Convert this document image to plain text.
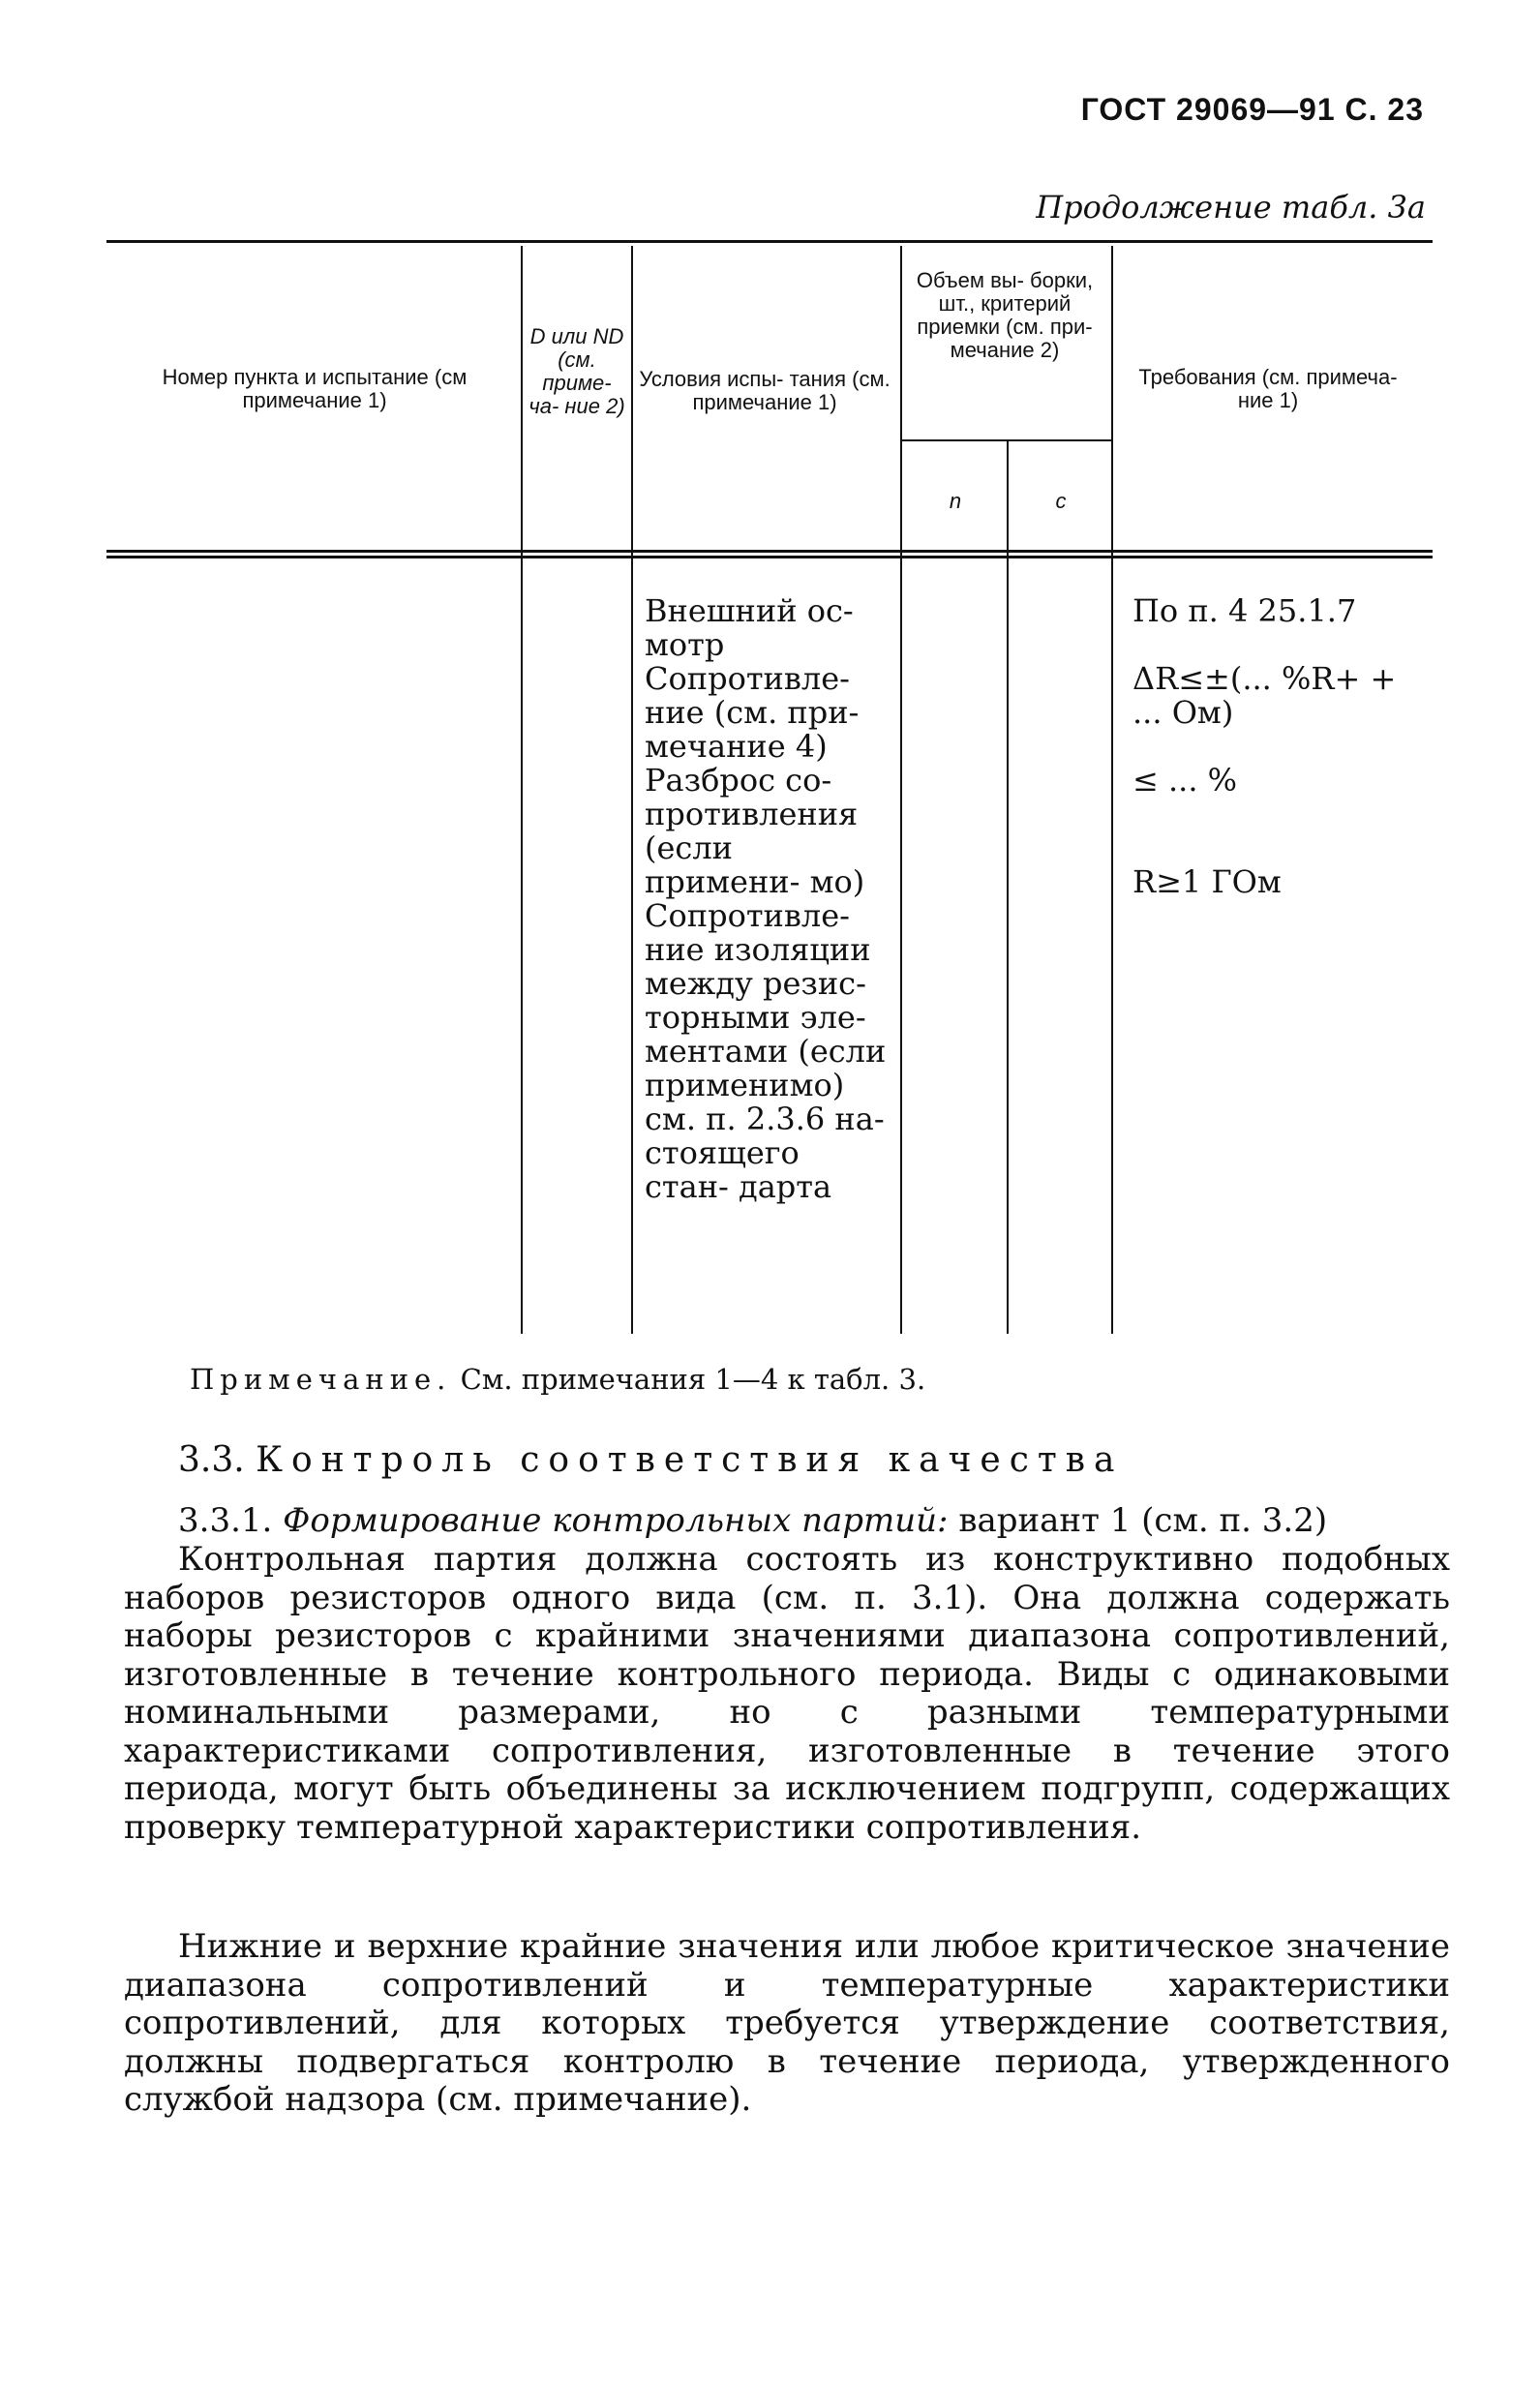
ГОСТ 29069—91 С. 23
Продолжение табл. 3а
Номер пункта и испытание (см примечание 1)
D или ND (см. приме- ча- ние 2)
Условия испы- тания (см. примечание 1)
Объем вы- борки, шт., критерий приемки (см. при- мечание 2)
n	c
Требования (см. примеча- ние 1)
Внешний ос- мотр
Сопротивле- ние (см. при- мечание 4)
Разброс со- противления (если примени- мо)
Сопротивле- ние изоляции между резис- торными эле- ментами (если применимо) см. п. 2.3.6 на- стоящего стан- дарта
По п. 4 25.1.7
ΔR≤±(... %R+ + ... Ом)
≤ ... %
R≥1 ГОм
Примечание. См. примечания 1—4 к табл. 3.
3.3. Контроль соответствия качества
3.3.1. Формирование контрольных партий: вариант 1 (см. п. 3.2)
Контрольная партия должна состоять из конструктивно подобных наборов резисторов одного вида (см. п. 3.1). Она должна содержать наборы резисторов с крайними значениями диапазона сопротивлений, изготовленные в течение контрольного периода. Виды с одинаковыми номинальными размерами, но с разными температурными характеристиками сопротивления, изготовленные в течение этого периода, могут быть объединены за исключением подгрупп, содержащих проверку температурной характеристики сопротивления.
Нижние и верхние крайние значения или любое критическое значение диапазона сопротивлений и температурные характеристики сопротивлений, для которых требуется утверждение соответствия, должны подвергаться контролю в течение периода, утвержденного службой надзора (см. примечание).
